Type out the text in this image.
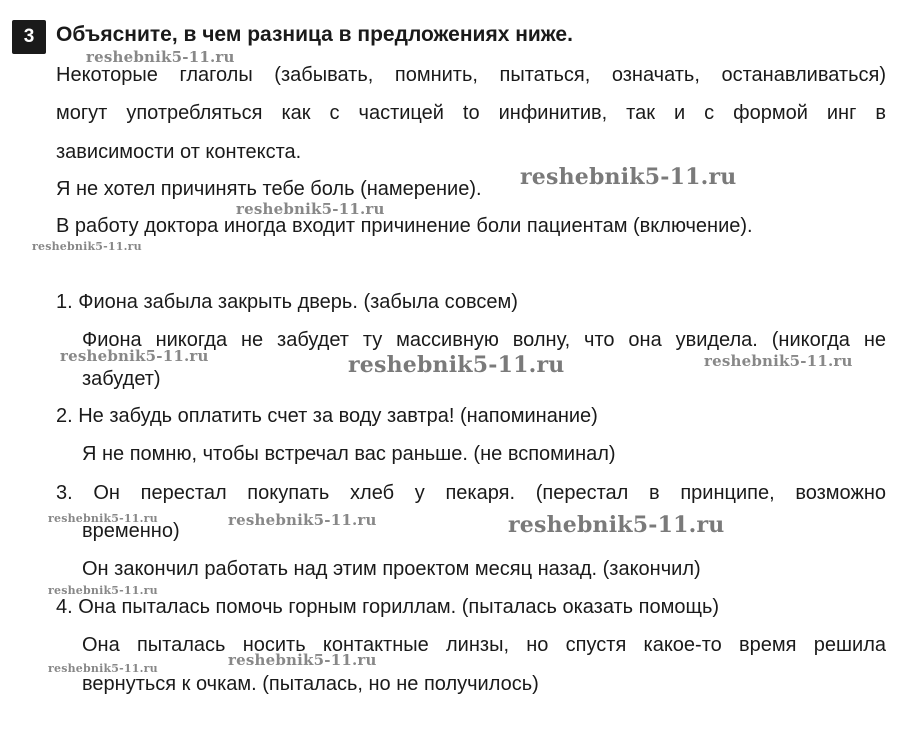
3	Объясните, в чем разница в предложениях ниже.
Некоторые глаголы (забывать, помнить, пытаться, означать, останавливаться)
могут употребляться как с частицей to инфинитив, так и с формой инг в
зависимости от контекста.
Я не хотел причинять тебе боль (намерение).
В работу доктора иногда входит причинение боли пациентам (включение).
1. Фиона забыла закрыть дверь. (забыла совсем)
Фиона никогда не забудет ту массивную волну, что она увидела. (никогда не
забудет)
2. Не забудь оплатить счет за воду завтра! (напоминание)
Я не помню, чтобы встречал вас раньше. (не вспоминал)
3. Он перестал покупать хлеб у пекаря. (перестал в принципе, возможно
временно)
Он закончил работать над этим проектом месяц назад. (закончил)
4. Она пыталась помочь горным гориллам. (пыталась оказать помощь)
Она пыталась носить контактные линзы, но спустя какое-то время решила
вернуться к очкам. (пыталась, но не получилось)
reshebnik5-11.ru
reshebnik5-11.ru
reshebnik5-11.ru
reshebnik5-11.ru
reshebnik5-11.ru	reshebnik5-11.ru	reshebnik5-11.ru
reshebnik5-11.ru	reshebnik5-11.ru	reshebnik5-11.ru
reshebnik5-11.ru
reshebnik5-11.ru	reshebnik5-11.ru
